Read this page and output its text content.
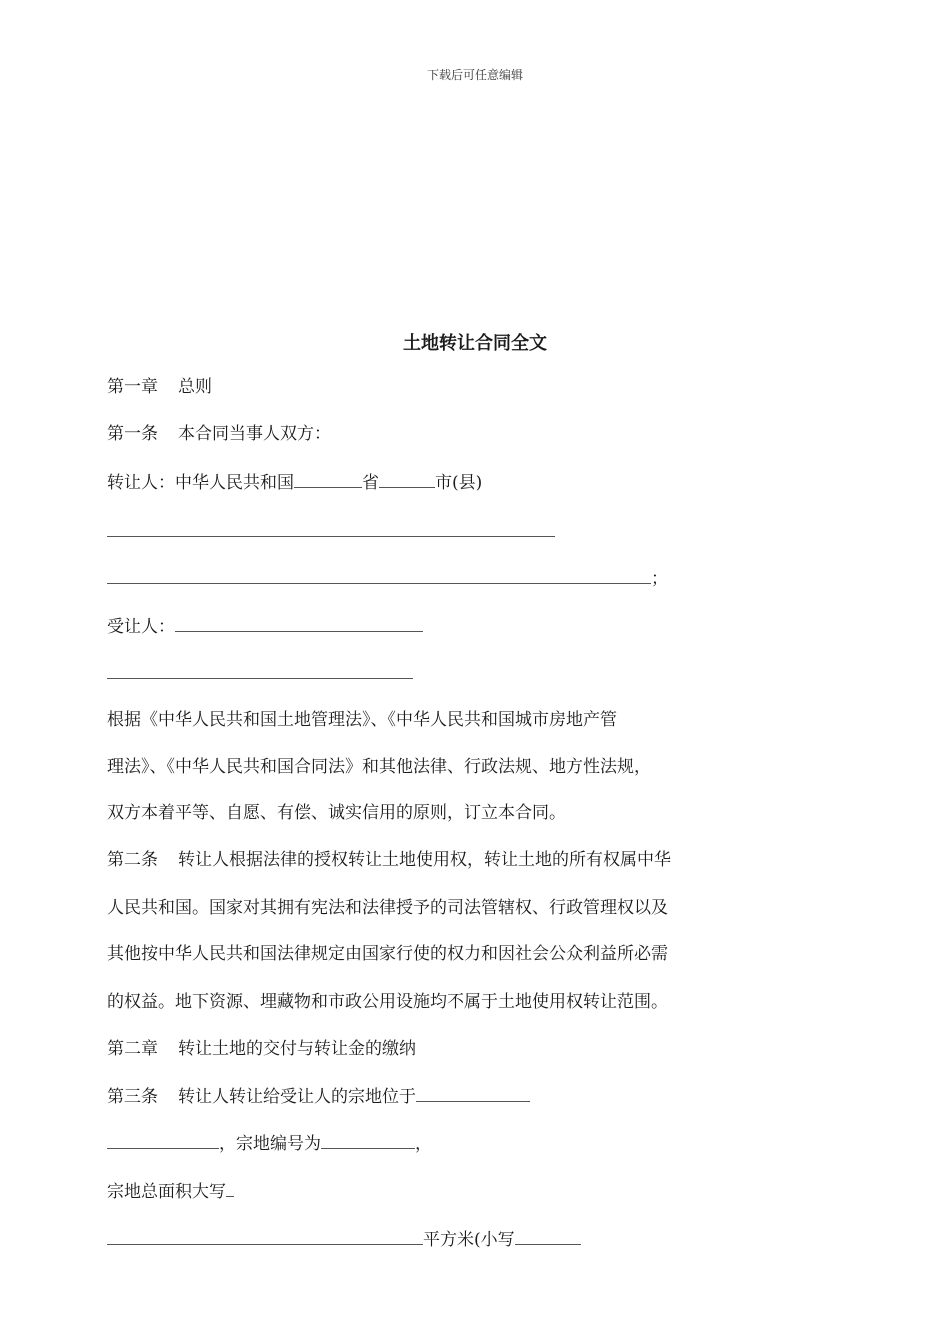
下载后可任意编辑
土地转让合同全文
第一章 总则
第一条 本合同当事人双方：
转让人：中华人民共和国	省	市(县)
；
受让人：
根据《中华人民共和国土地管理法》、《中华人民共和国城市房地产管
理法》、《中华人民共和国合同法》和其他法律、行政法规、地方性法规，
双方本着平等、自愿、有偿、诚实信用的原则，订立本合同。
第二条 转让人根据法律的授权转让土地使用权，转让土地的所有权属中华
人民共和国。国家对其拥有宪法和法律授予的司法管辖权、行政管理权以及
其他按中华人民共和国法律规定由国家行使的权力和因社会公众利益所必需
的权益。地下资源、埋藏物和市政公用设施均不属于土地使用权转让范围。
第二章 转让土地的交付与转让金的缴纳
第三条 转让人转让给受让人的宗地位于
，宗地编号为	，
宗地总面积大写
平方米(小写
